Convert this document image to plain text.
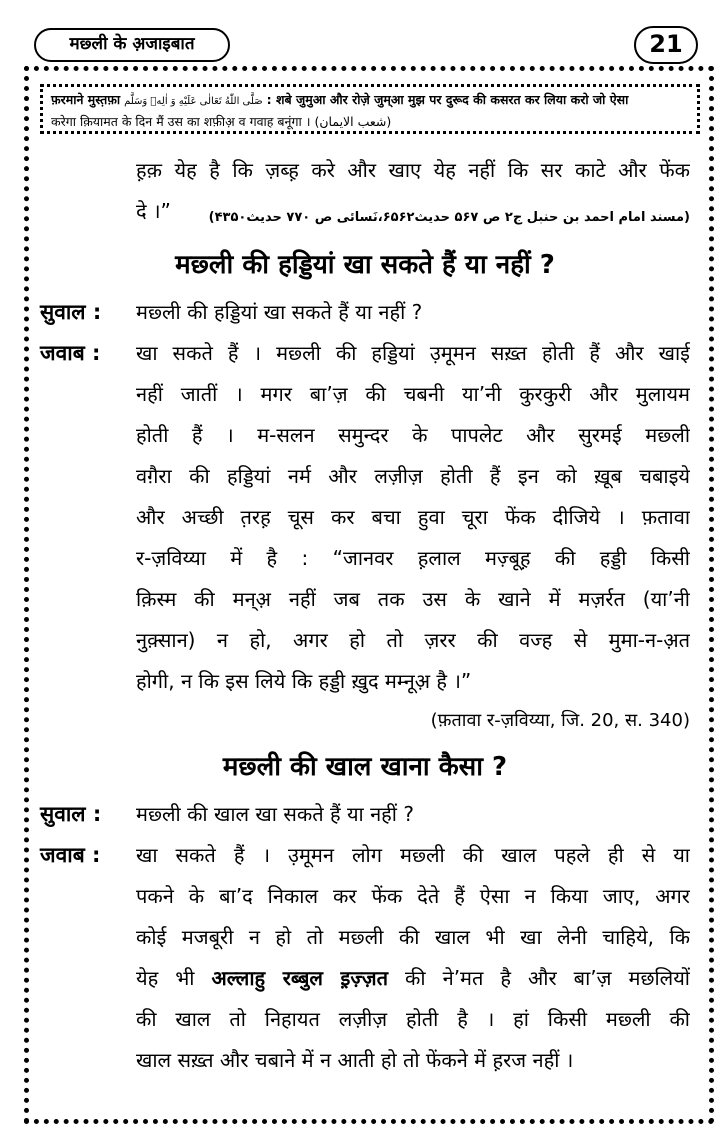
मछ्ली के अ़जाइबात	21
फ़रमाने मुस्त़फ़ा صَلَّی اللّٰهُ تَعَالٰی عَلَیْهِ وَ اٰلِهٖ وَسَلَّم : शबे जुमुआ और रोज़े जुम्आ मुझ पर दुरूद की कसरत कर लिया करो जो ऐसा
करेगा क़ियामत के दिन मैं उस का शफ़ीअ़ व गवाह बनूंगा । (شعب الایمان)
ह़क़ येह है कि ज़ब्ह़ करे और खाए येह नहीं कि सर काटे और फेंक
दे ।”	(مسند امام احمد بن حنبل ج۲ ص ۵۶۷ حدیث۶۵۶۲،نَسائی ص ۷۷۰ حدیث۴۳۵۰)
मछ्ली की हड्डियां खा सकते हैं या नहीं ?
सुवाल :	मछ्ली की हड्डियां खा सकते हैं या नहीं ?
जवाब :	खा सकते हैं । मछ्ली की हड्डियां उ़मूमन सख़्त होती हैं और खाई
नहीं जातीं । मगर बा’ज़ की चबनी या’नी कुरकुरी और मुलायम
होती हैं । म-सलन समुन्दर के पापलेट और सुरमई मछ्ली
वग़ैरा की हड्डियां नर्म और लज़ीज़ होती हैं इन को ख़ूब चबाइये
और अच्छी त़रह़ चूस कर बचा हुवा चूरा फेंक दीजिये । फ़तावा
र-ज़विय्या में है : “जानवर ह़लाल मज़्बूह़ की हड्डी किसी
क़िस्म की मन्अ़ नहीं जब तक उस के खाने में मज़र्रत (या’नी
नुक़्सान) न हो, अगर हो तो ज़रर की वज्ह से मुमा-न-अ़त
होगी, न कि इस लिये कि हड्डी ख़ुद मम्नूअ़ है ।”
(फ़तावा र-ज़विय्या, जि. 20, स. 340)
मछ्ली की खाल खाना कैसा ?
सुवाल :	मछ्ली की खाल खा सकते हैं या नहीं ?
जवाब :	खा सकते हैं । उ़मूमन लोग मछ्ली की खाल पहले ही से या
पकने के बा’द निकाल कर फेंक देते हैं ऐसा न किया जाए, अगर
कोई मजबूरी न हो तो मछ्ली की खाल भी खा लेनी चाहिये, कि
येह भी अल्लाहु रब्बुल इ़ज़्ज़त की ने’मत है और बा’ज़ मछलियों
की खाल तो निहायत लज़ीज़ होती है । हां किसी मछ्ली की
खाल सख़्त और चबाने में न आती हो तो फेंकने में ह़रज नहीं ।
